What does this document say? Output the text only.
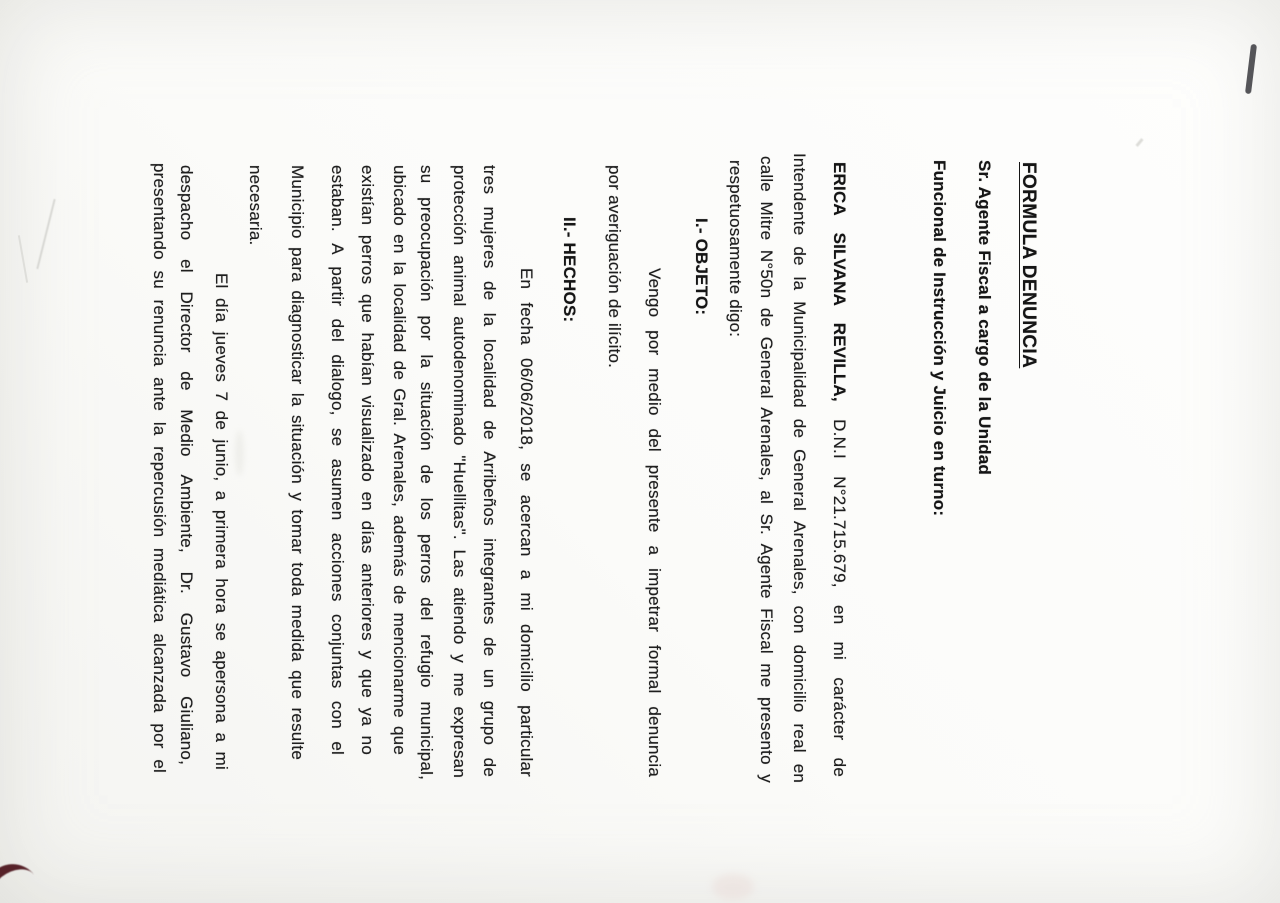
FORMULA DENUNCIA
Sr. Agente Fiscal a cargo de la Unidad
Funcional de Instrucción y Juicio en turno:
ERICA SILVANA REVILLA, D.N.I N°21.715.679, en mi carácter de
Intendente de la Municipalidad de General Arenales, con domicilio real en
calle Mitre N°50n de General Arenales, al Sr. Agente Fiscal me presento y
respetuosamente digo:
I.- OBJETO:
Vengo por medio del presente a impetrar formal denuncia
por averiguación de ilícito.
II.- HECHOS:
En fecha 06/06/2018, se acercan a mi domicilio particular
tres mujeres de la localidad de Arribeños integrantes de un grupo de
protección animal autodenominado "Huellitas". Las atiendo y me expresan
su preocupación por la situación de los perros del refugio municipal,
ubicado en la localidad de Gral. Arenales, además de mencionarme que
existían perros que habían visualizado en días anteriores y que ya no
estaban. A partir del dialogo, se asumen acciones conjuntas con el
Municipio para diagnosticar la situación y tomar toda medida que resulte
necesaria.
El día jueves 7 de junio, a primera hora se apersona a mi
despacho el Director de Medio Ambiente, Dr. Gustavo Giuliano,
presentando su renuncia ante la repercusión mediática alcanzada por el
